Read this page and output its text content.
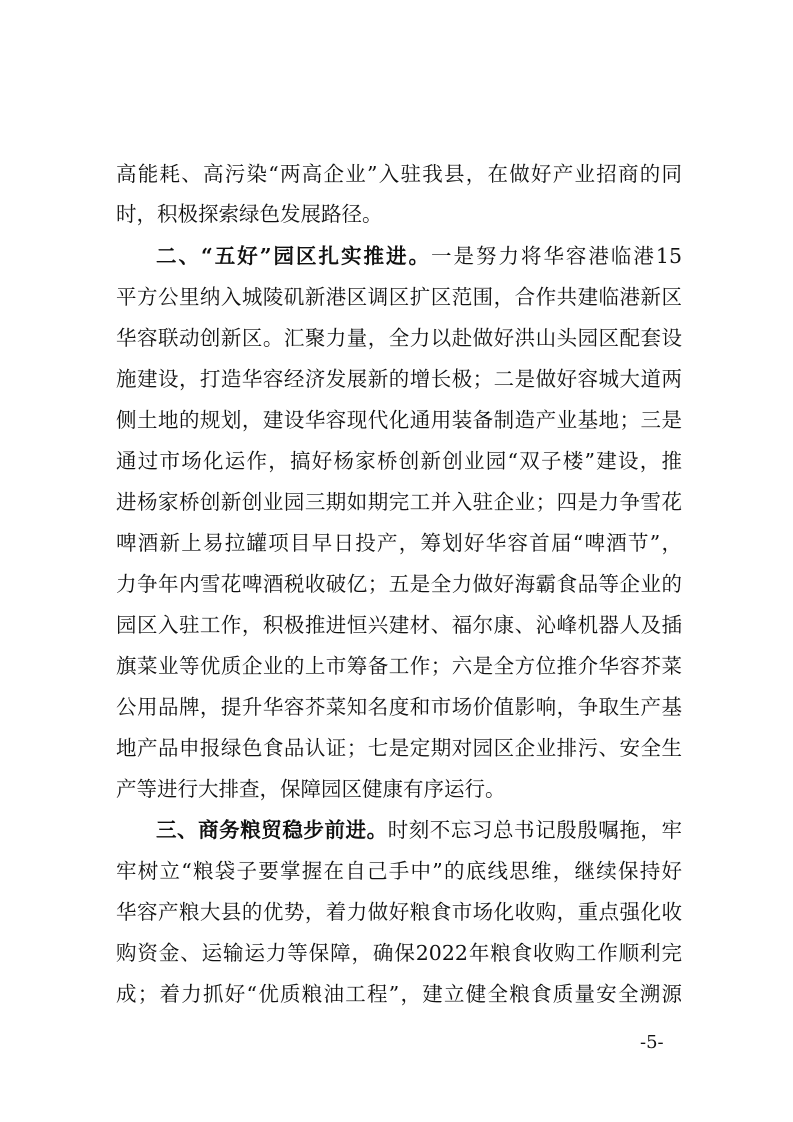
高能耗、高污染“两高企业”入驻我县，在做好产业招商的同
时，积极探索绿色发展路径。
二、“五好”园区扎实推进。一是努力将华容港临港15
平方公里纳入城陵矶新港区调区扩区范围，合作共建临港新区
华容联动创新区。汇聚力量，全力以赴做好洪山头园区配套设
施建设，打造华容经济发展新的增长极；二是做好容城大道两
侧土地的规划，建设华容现代化通用装备制造产业基地；三是
通过市场化运作，搞好杨家桥创新创业园“双子楼”建设，推
进杨家桥创新创业园三期如期完工并入驻企业；四是力争雪花
啤酒新上易拉罐项目早日投产，筹划好华容首届“啤酒节”，
力争年内雪花啤酒税收破亿；五是全力做好海霸食品等企业的
园区入驻工作，积极推进恒兴建材、福尔康、沁峰机器人及插
旗菜业等优质企业的上市筹备工作；六是全方位推介华容芥菜
公用品牌，提升华容芥菜知名度和市场价值影响，争取生产基
地产品申报绿色食品认证；七是定期对园区企业排污、安全生
产等进行大排查，保障园区健康有序运行。
三、商务粮贸稳步前进。时刻不忘习总书记殷殷嘱拖，牢
牢树立“粮袋子要掌握在自己手中”的底线思维，继续保持好
华容产粮大县的优势，着力做好粮食市场化收购，重点强化收
购资金、运输运力等保障，确保2022年粮食收购工作顺利完
成；着力抓好“优质粮油工程”，建立健全粮食质量安全溯源
-5-
